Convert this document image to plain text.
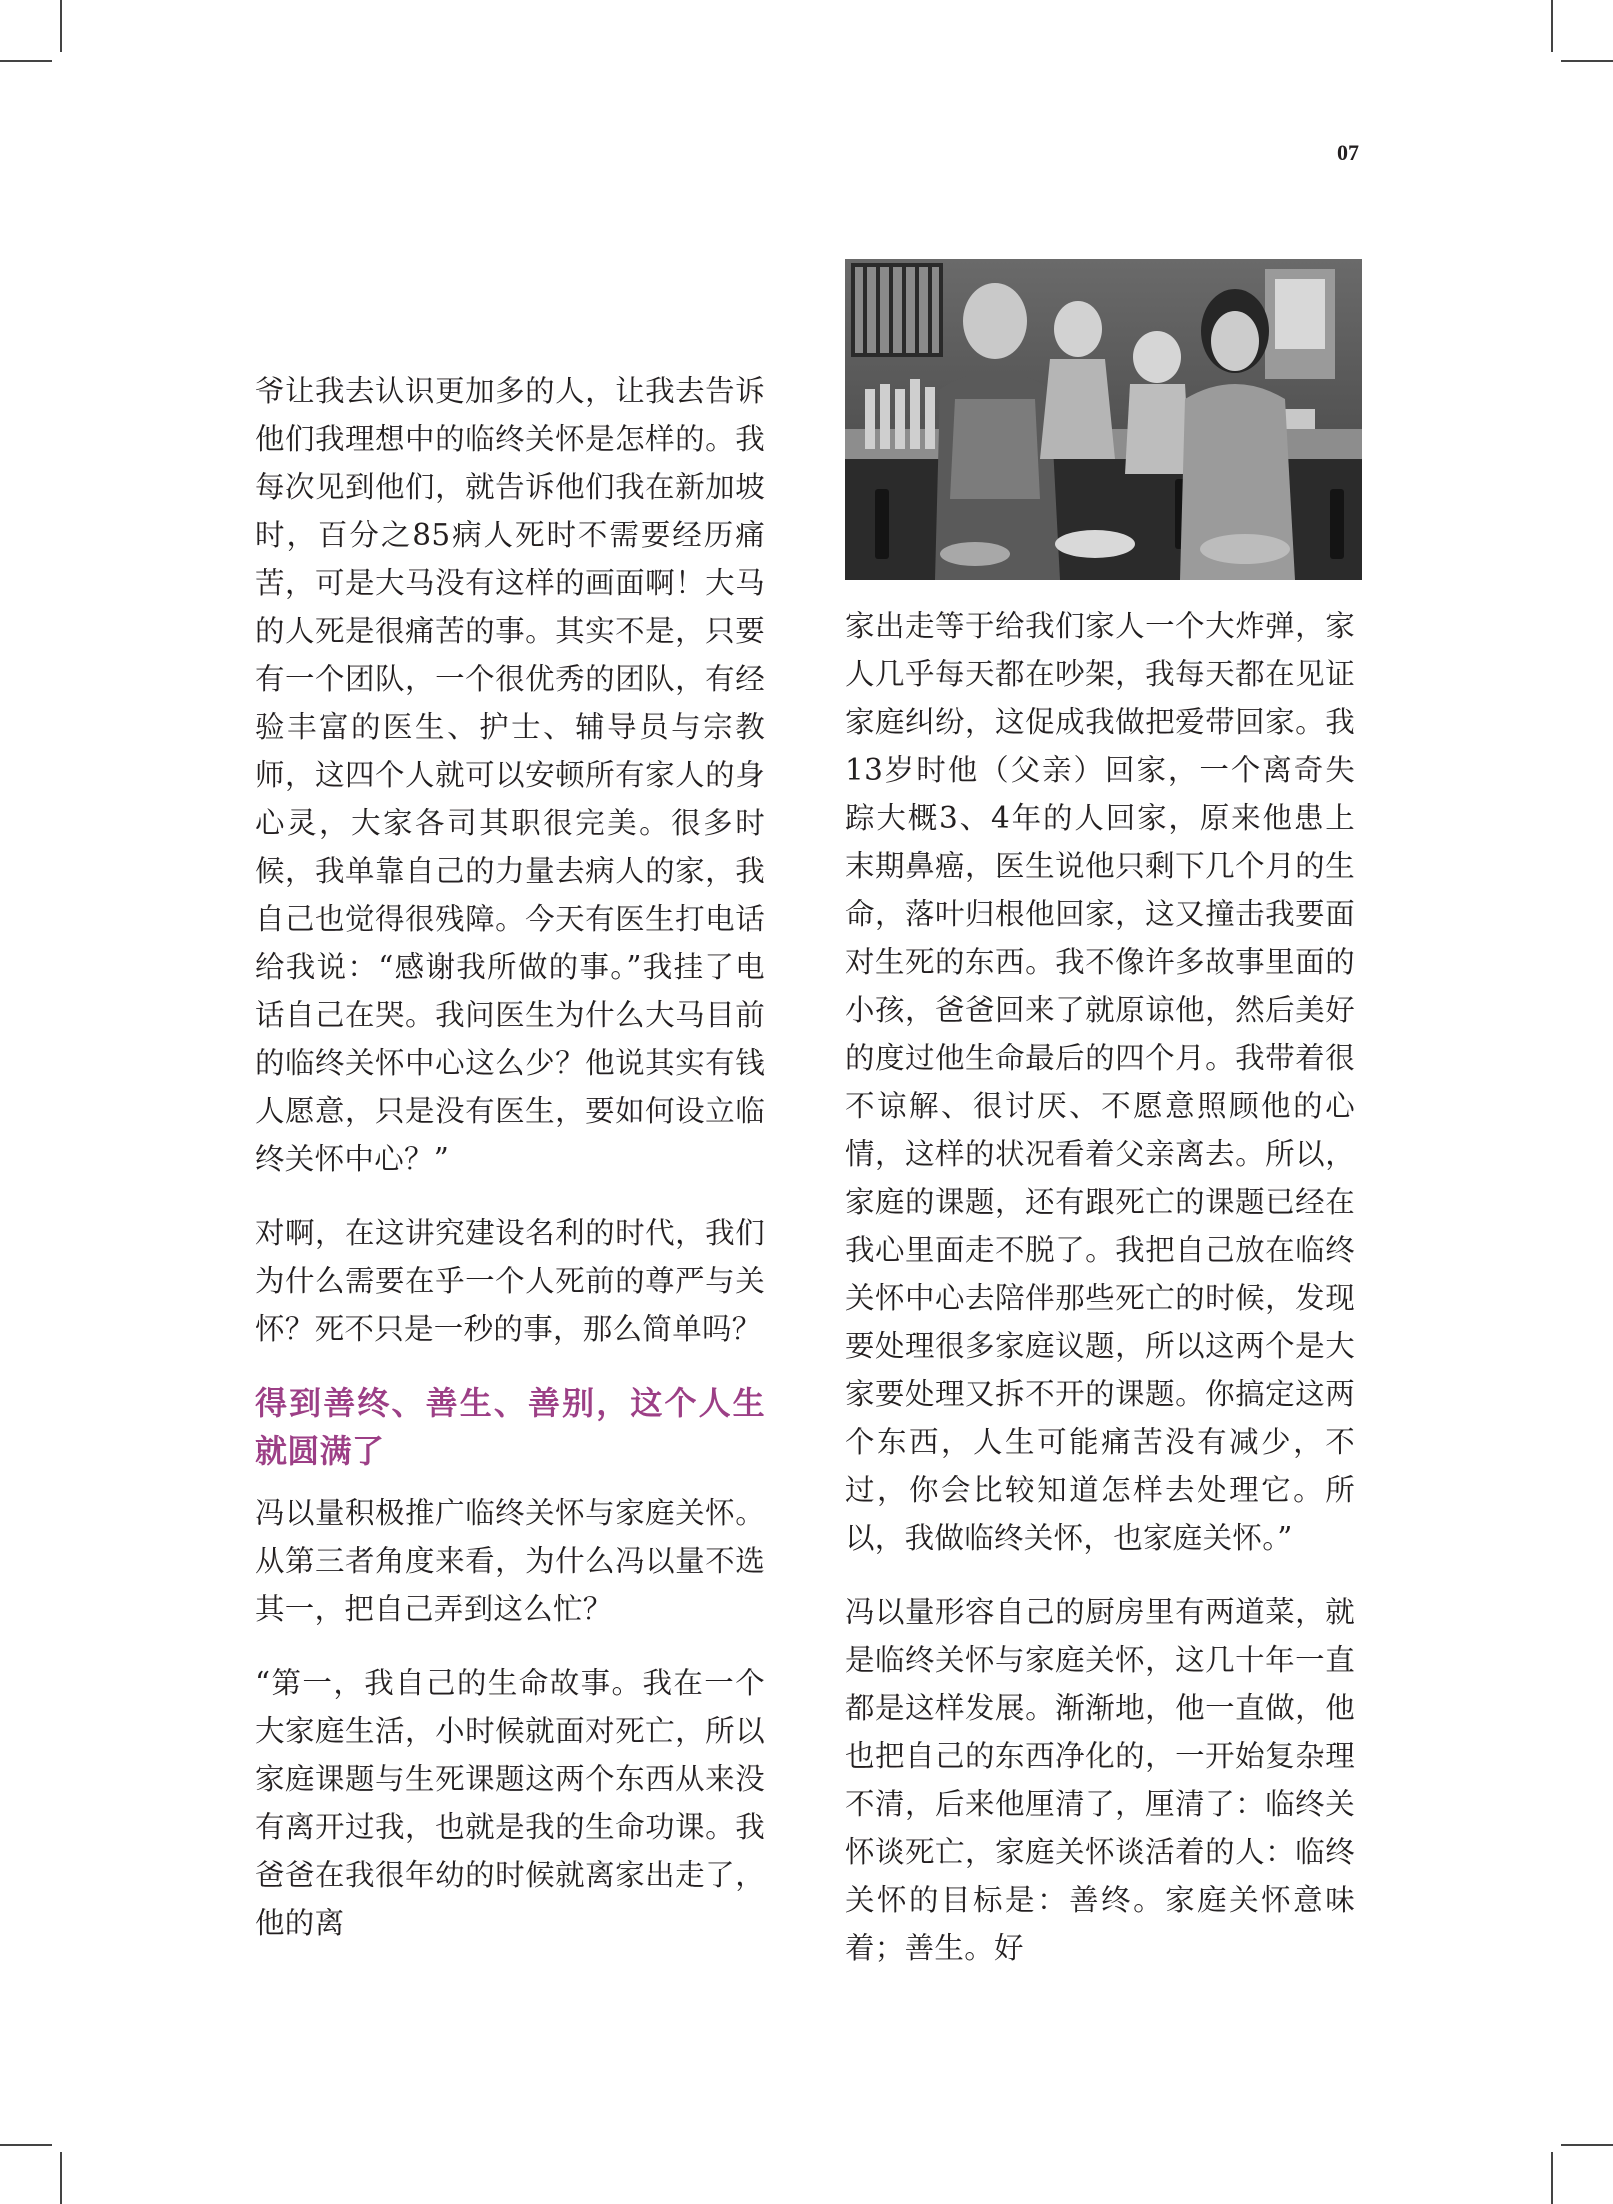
07

爷让我去认识更加多的人，让我去告诉他们我理想中的临终关怀是怎样的。我每次见到他们，就告诉他们我在新加坡时，百分之85病人死时不需要经历痛苦，可是大马没有这样的画面啊！大马的人死是很痛苦的事。其实不是，只要有一个团队，一个很优秀的团队，有经验丰富的医生、护士、辅导员与宗教师，这四个人就可以安顿所有家人的身心灵，大家各司其职很完美。很多时候，我单靠自己的力量去病人的家，我自己也觉得很残障。今天有医生打电话给我说：“感谢我所做的事。”我挂了电话自己在哭。我问医生为什么大马目前的临终关怀中心这么少？他说其实有钱人愿意，只是没有医生，要如何设立临终关怀中心？”

对啊，在这讲究建设名利的时代，我们为什么需要在乎一个人死前的尊严与关怀？死不只是一秒的事，那么简单吗？

得到善终、善生、善别，这个人生就圆满了

冯以量积极推广临终关怀与家庭关怀。从第三者角度来看，为什么冯以量不选其一，把自己弄到这么忙？

“第一，我自己的生命故事。我在一个大家庭生活，小时候就面对死亡，所以家庭课题与生死课题这两个东西从来没有离开过我，也就是我的生命功课。我爸爸在我很年幼的时候就离家出走了，他的离

家出走等于给我们家人一个大炸弹，家人几乎每天都在吵架，我每天都在见证家庭纠纷，这促成我做把爱带回家。我13岁时他（父亲）回家，一个离奇失踪大概3、4年的人回家，原来他患上末期鼻癌，医生说他只剩下几个月的生命，落叶归根他回家，这又撞击我要面对生死的东西。我不像许多故事里面的小孩，爸爸回来了就原谅他，然后美好的度过他生命最后的四个月。我带着很不谅解、很讨厌、不愿意照顾他的心情，这样的状况看着父亲离去。所以，家庭的课题，还有跟死亡的课题已经在我心里面走不脱了。我把自己放在临终关怀中心去陪伴那些死亡的时候，发现要处理很多家庭议题，所以这两个是大家要处理又拆不开的课题。你搞定这两个东西，人生可能痛苦没有减少，不过，你会比较知道怎样去处理它。所以，我做临终关怀，也家庭关怀。”

冯以量形容自己的厨房里有两道菜，就是临终关怀与家庭关怀，这几十年一直都是这样发展。渐渐地，他一直做，他也把自己的东西净化的，一开始复杂理不清，后来他厘清了，厘清了：临终关怀谈死亡，家庭关怀谈活着的人：临终关怀的目标是：善终。家庭关怀意味着；善生。好
